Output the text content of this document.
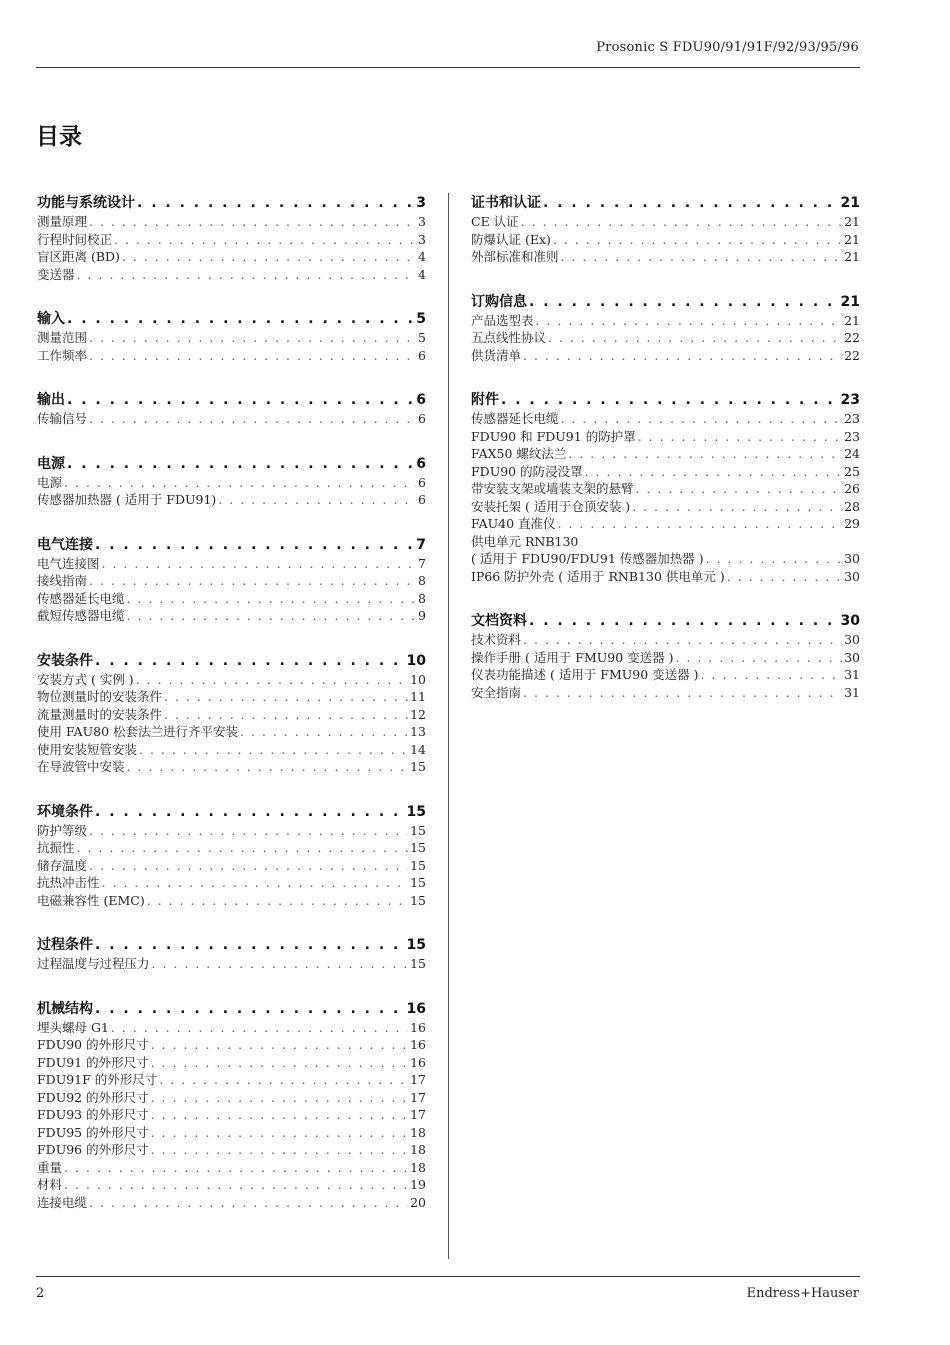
Prosonic S FDU90/91/91F/92/93/95/96
目录
功能与系统设计 . . .	3
测量原理 . . .	3
行程时间校正 . . .	3
盲区距离 (BD) . . .	4
变送器 . . .	4
输入 . . .	5
测量范围 . . .	5
工作频率 . . .	6
输出 . . .	6
传输信号 . . .	6
电源 . . .	6
电源 . . .	6
传感器加热器 ( 适用于 FDU91) . . .	6
电气连接 . . .	7
电气连接图 . . .	7
接线指南 . . .	8
传感器延长电缆 . . .	8
截短传感器电缆 . . .	9
安装条件 . . .	10
安装方式 ( 实例 ) . . .	10
物位测量时的安装条件 . . .	11
流量测量时的安装条件 . . .	12
使用 FAU80 松套法兰进行齐平安装 . . .	13
使用安装短管安装 . . .	14
在导波管中安装 . . .	15
环境条件 . . .	15
防护等级 . . .	15
抗振性 . . .	15
储存温度 . . .	15
抗热冲击性 . . .	15
电磁兼容性 (EMC) . . .	15
过程条件 . . .	15
过程温度与过程压力 . . .	15
机械结构 . . .	16
埋头螺母 G1 . . .	16
FDU90 的外形尺寸 . . .	16
FDU91 的外形尺寸 . . .	16
FDU91F 的外形尺寸 . . .	17
FDU92 的外形尺寸 . . .	17
FDU93 的外形尺寸 . . .	17
FDU95 的外形尺寸 . . .	18
FDU96 的外形尺寸 . . .	18
重量 . . .	18
材料 . . .	19
连接电缆 . . .	20
证书和认证 . . .	21
CE 认证 . . .	21
防爆认证 (Ex) . . .	21
外部标准和准则 . . .	21
订购信息 . . .	21
产品选型表 . . .	21
五点线性协议 . . .	22
供货清单 . . .	22
附件 . . .	23
传感器延长电缆 . . .	23
FDU90 和 FDU91 的防护罩 . . .	23
FAX50 螺纹法兰 . . .	24
FDU90 的防浸没罩 . . .	25
带安装支架或墙装支架的悬臂 . . .	26
安装托架 ( 适用于仓顶安装 ) . . .	28
FAU40 直准仪 . . .	29
供电单元 RNB130
( 适用于 FDU90/FDU91 传感器加热器 ) . . .	30
IP66 防护外壳 ( 适用于 RNB130 供电单元 ) . . .	30
文档资料 . . .	30
技术资料 . . .	30
操作手册 ( 适用于 FMU90 变送器 ) . . .	30
仪表功能描述 ( 适用于 FMU90 变送器 ) . . .	31
安全指南 . . .	31
2	Endress+Hauser
